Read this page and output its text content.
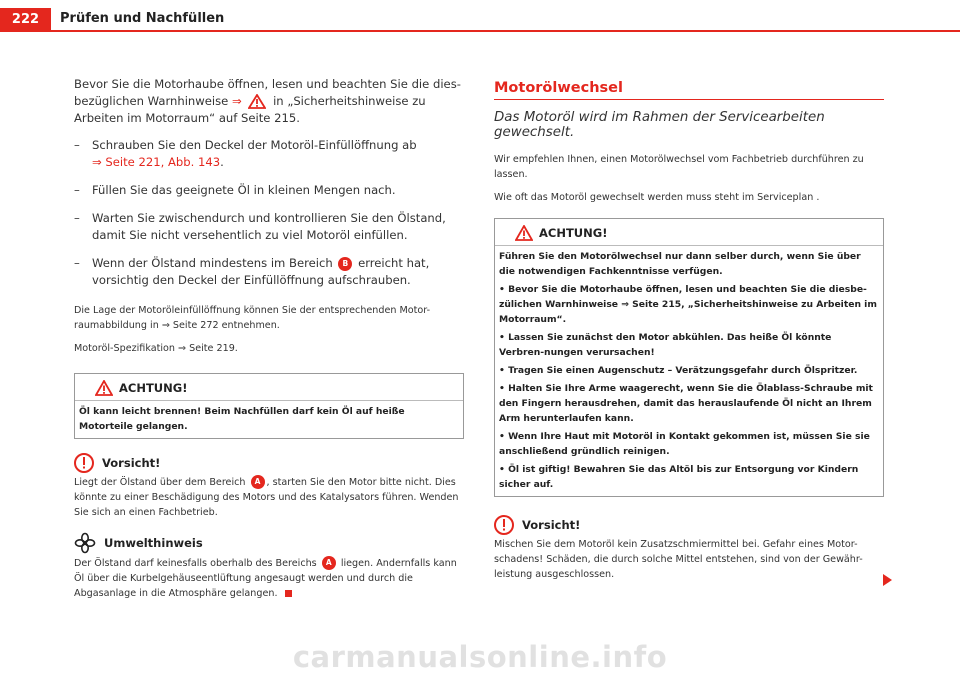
222	Prüfen und Nachfüllen
Bevor Sie die Motorhaube öffnen, lesen und beachten Sie die dies-
bezüglichen Warnhinweise ⇒	in „Sicherheitshinweise zu
Arbeiten im Motorraum“ auf Seite 215.
– Schrauben Sie den Deckel der Motoröl-Einfüllöffnung ab
⇒ Seite 221, Abb. 143.
– Füllen Sie das geeignete Öl in kleinen Mengen nach.
– Warten Sie zwischendurch und kontrollieren Sie den Ölstand, damit Sie nicht versehentlich zu viel Motoröl einfüllen.
– Wenn der Ölstand mindestens im Bereich B erreicht hat, vorsichtig den Deckel der Einfüllöffnung aufschrauben.
Die Lage der Motoröleinfüllöffnung können Sie der entsprechenden Motor-raumabbildung in ⇒ Seite 272 entnehmen.
Motoröl-Spezifikation ⇒ Seite 219.
ACHTUNG!
Öl kann leicht brennen! Beim Nachfüllen darf kein Öl auf heiße Motorteile gelangen.
Vorsicht!
Liegt der Ölstand über dem Bereich A , starten Sie den Motor bitte nicht. Dies könnte zu einer Beschädigung des Motors und des Katalysators führen. Wenden Sie sich an einen Fachbetrieb.
Umwelthinweis
Der Ölstand darf keinesfalls oberhalb des Bereichs A liegen. Andernfalls kann Öl über die Kurbelgehäuseentlüftung angesaugt werden und durch die Abgasanlage in die Atmosphäre gelangen.
Motorölwechsel
Das Motoröl wird im Rahmen der Servicearbeiten gewechselt.
Wir empfehlen Ihnen, einen Motorölwechsel vom Fachbetrieb durchführen zu lassen.
Wie oft das Motoröl gewechselt werden muss steht im Serviceplan .
ACHTUNG!
Führen Sie den Motorölwechsel nur dann selber durch, wenn Sie über die notwendigen Fachkenntnisse verfügen.
• Bevor Sie die Motorhaube öffnen, lesen und beachten Sie die diesbe-zülichen Warnhinweise ⇒ Seite 215, „Sicherheitshinweise zu Arbeiten im Motorraum“.
• Lassen Sie zunächst den Motor abkühlen. Das heiße Öl könnte Verbren-nungen verursachen!
• Tragen Sie einen Augenschutz – Verätzungsgefahr durch Ölspritzer.
• Halten Sie Ihre Arme waagerecht, wenn Sie die Ölablass-Schraube mit den Fingern herausdrehen, damit das herauslaufende Öl nicht an Ihrem Arm herunterlaufen kann.
• Wenn Ihre Haut mit Motoröl in Kontakt gekommen ist, müssen Sie sie anschließend gründlich reinigen.
• Öl ist giftig! Bewahren Sie das Altöl bis zur Entsorgung vor Kindern sicher auf.
Vorsicht!
Mischen Sie dem Motoröl kein Zusatzschmiermittel bei. Gefahr eines Motor-schadens! Schäden, die durch solche Mittel entstehen, sind von der Gewähr-leistung ausgeschlossen.
carmanualsonline.info
